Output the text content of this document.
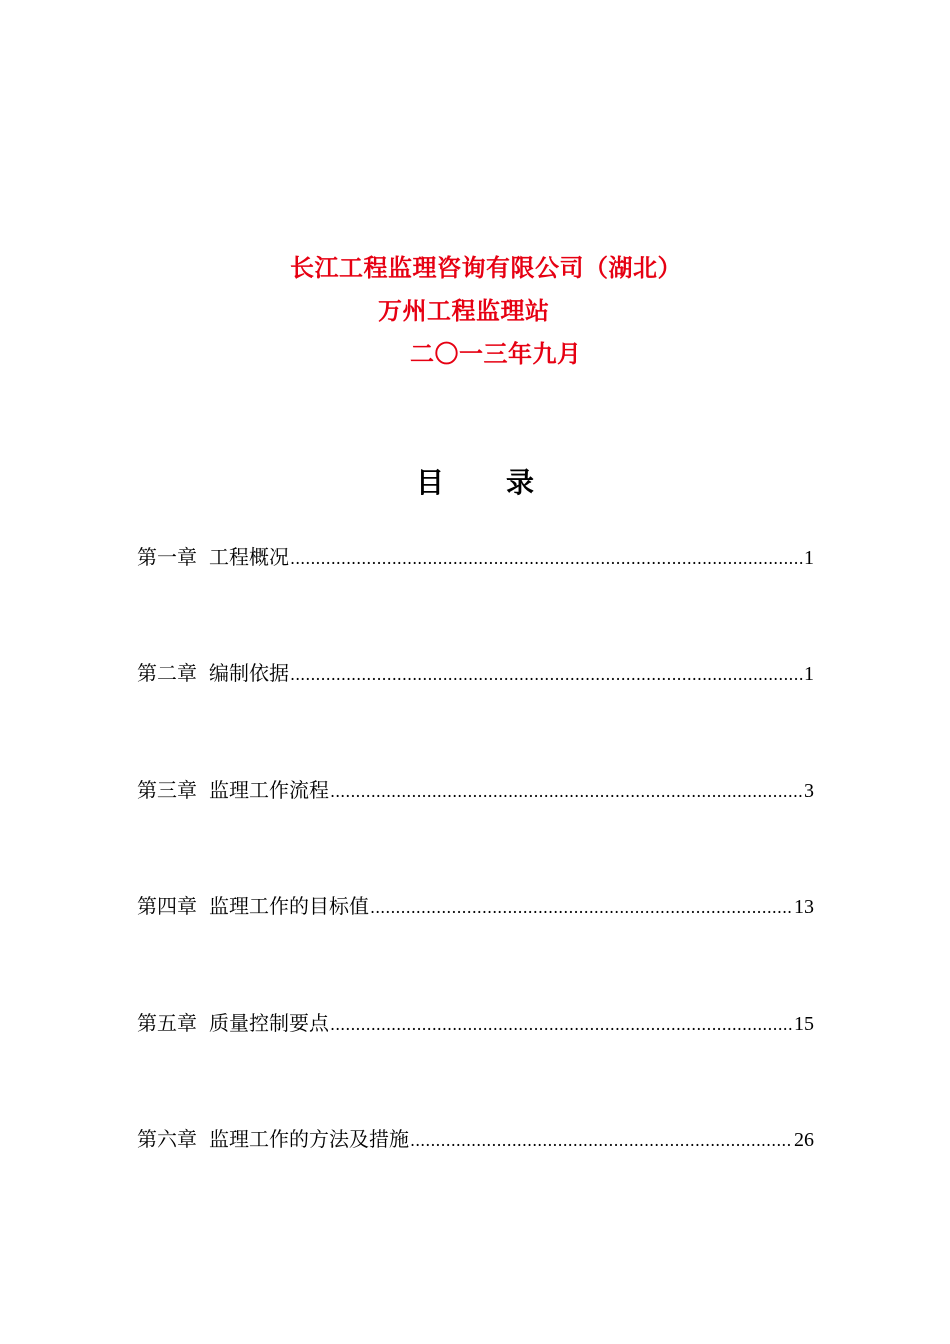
长江工程监理咨询有限公司（湖北）

万州工程监理站

二〇一三年九月

目 录
第一章 工程概况 .....	1
第二章 编制依据 .....	1
第三章 监理工作流程 .....	3
第四章 监理工作的目标值 .....	13
第五章 质量控制要点 .....	15
第六章 监理工作的方法及措施 .....	26
